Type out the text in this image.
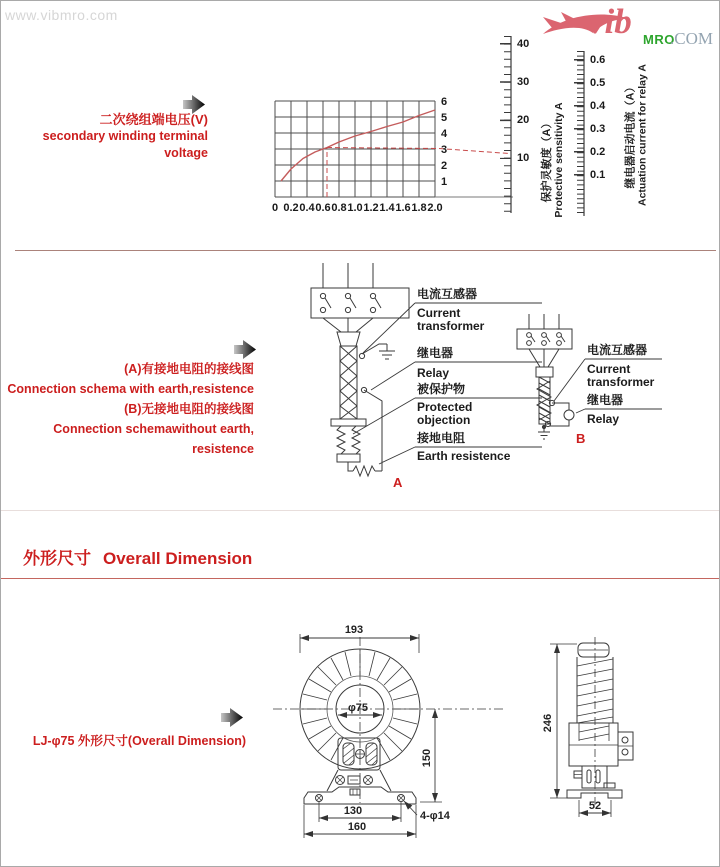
6
5
4
3
2
1
0 0.2 0.4 0.6 0.8 1.0 1.2 1.4 1.6 1.8 2.0
40
30
20
10
0.6
0.5
0.4
0.3
0.2
0.1
193
φ75
150
130
160
4-φ14
246
52
www.vibmro.com	vib MRO
.COM
二次绕组端电压(V)
secondary winding terminal voltage	保护灵敏度（A） Protective sensitivity A	继电器启动电流（A） Actuation current for relay A
(A)有接地电阻的接线图
Connection schema with earth,resistence
(B)无接地电阻的接线图
Connection schemawithout earth, resistence
电流互感器
Current transformer
继电器
Relay
被保护物
Protected objection
接地电阻
Earth resistence
A
电流互感器
Current transformer
继电器
Relay
B
外形尺寸 Overall Dimension
LJ-φ75 外形尺寸(Overall Dimension)
